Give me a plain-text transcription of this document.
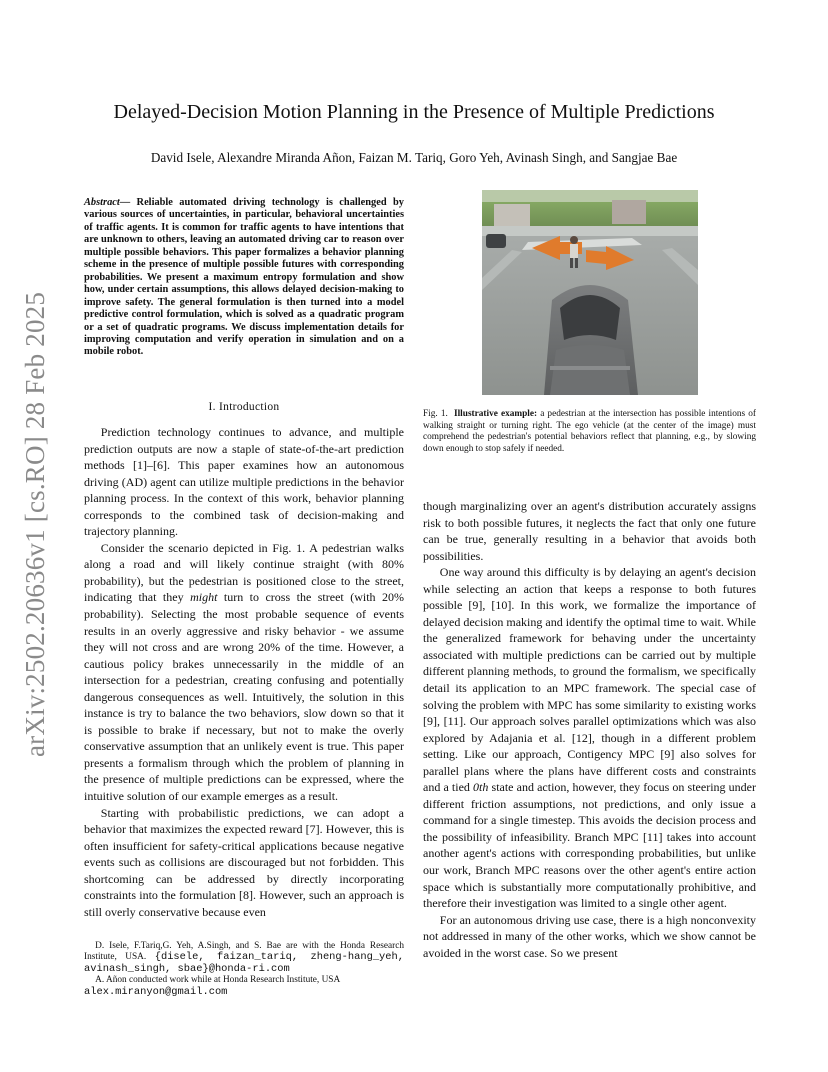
Delayed-Decision Motion Planning in the Presence of Multiple Predictions
David Isele, Alexandre Miranda Añon, Faizan M. Tariq, Goro Yeh, Avinash Singh, and Sangjae Bae
arXiv:2502.20636v1 [cs.RO] 28 Feb 2025
Abstract— Reliable automated driving technology is challenged by various sources of uncertainties, in particular, behavioral uncertainties of traffic agents. It is common for traffic agents to have intentions that are unknown to others, leaving an automated driving car to reason over multiple possible behaviors. This paper formalizes a behavior planning scheme in the presence of multiple possible futures with corresponding probabilities. We present a maximum entropy formulation and show how, under certain assumptions, this allows delayed decision-making to improve safety. The general formulation is then turned into a model predictive control formulation, which is solved as a quadratic program or a set of quadratic programs. We discuss implementation details for improving computation and verify operation in simulation and on a mobile robot.
I. Introduction

Prediction technology continues to advance, and multiple prediction outputs are now a staple of state-of-the-art prediction methods [1]–[6]. This paper examines how an autonomous driving (AD) agent can utilize multiple predictions in the behavior planning process. In the context of this work, behavior planning corresponds to the combined task of decision-making and trajectory planning.

Consider the scenario depicted in Fig. 1. A pedestrian walks along a road and will likely continue straight (with 80% probability), but the pedestrian is positioned close to the street, indicating that they might turn to cross the street (with 20% probability). Selecting the most probable sequence of events results in an overly aggressive and risky behavior - we assume they will not cross and are wrong 20% of the time. However, a cautious policy brakes unnecessarily in the middle of an intersection for a pedestrian, creating confusing and potentially dangerous consequences as well. Intuitively, the solution in this instance is try to balance the two behaviors, slow down so that it is possible to brake if necessary, but not to make the overly conservative assumption that an unlikely event is true. This paper presents a formalism through which the problem of planning in the presence of multiple predictions can be expressed, where the intuitive solution of our example emerges as a result.

Starting with probabilistic predictions, we can adopt a behavior that maximizes the expected reward [7]. However, this is often insufficient for safety-critical applications because negative events such as collisions are discouraged but not forbidden. This shortcoming can be addressed by directly incorporating constraints into the formulation [8]. However, such an approach is still overly conservative because even

D. Isele, F.Tariq,G. Yeh, A.Singh, and S. Bae are with the Honda Research Institute, USA. {disele, faizan_tariq, zheng-hang_yeh, avinash_singh, sbae}@honda-ri.com

A. Añon conducted work while at Honda Research Institute, USA

alex.miranyon@gmail.com

Fig. 1. Illustrative example: a pedestrian at the intersection has possible intentions of walking straight or turning right. The ego vehicle (at the center of the image) must comprehend the pedestrian's potential behaviors reflect that planning, e.g., by slowing down enough to stop safely if needed.

though marginalizing over an agent's distribution accurately assigns risk to both possible futures, it neglects the fact that only one future can be true, generally resulting in a behavior that avoids both possibilities.

One way around this difficulty is by delaying an agent's decision while selecting an action that keeps a response to both futures possible [9], [10]. In this work, we formalize the importance of delayed decision making and identify the optimal time to wait. While the generalized framework for behaving under the uncertainty associated with multiple predictions can be carried out by multiple different planning methods, to ground the formalism, we specifically detail its application to an MPC framework. The special case of solving the problem with MPC has some similarity to existing works [9], [11]. Our approach solves parallel optimizations which was also explored by Adajania et al. [12], though in a different problem setting. Like our approach, Contigency MPC [9] also solves for parallel plans where the plans have different costs and constraints and a tied 0th state and action, however, they focus on steering under different friction assumptions, not predictions, and only issue a command for a single timestep. This avoids the decision process and the possibility of infeasibility. Branch MPC [11] takes into account another agent's actions with corresponding probabilities, but unlike our work, Branch MPC reasons over the other agent's entire action space which is substantially more computationally prohibitive, and therefore their investigation was limited to a single other agent.

For an autonomous driving use case, there is a high nonconvexity not addressed in many of the other works, which we show cannot be avoided in the worst case. So we present
